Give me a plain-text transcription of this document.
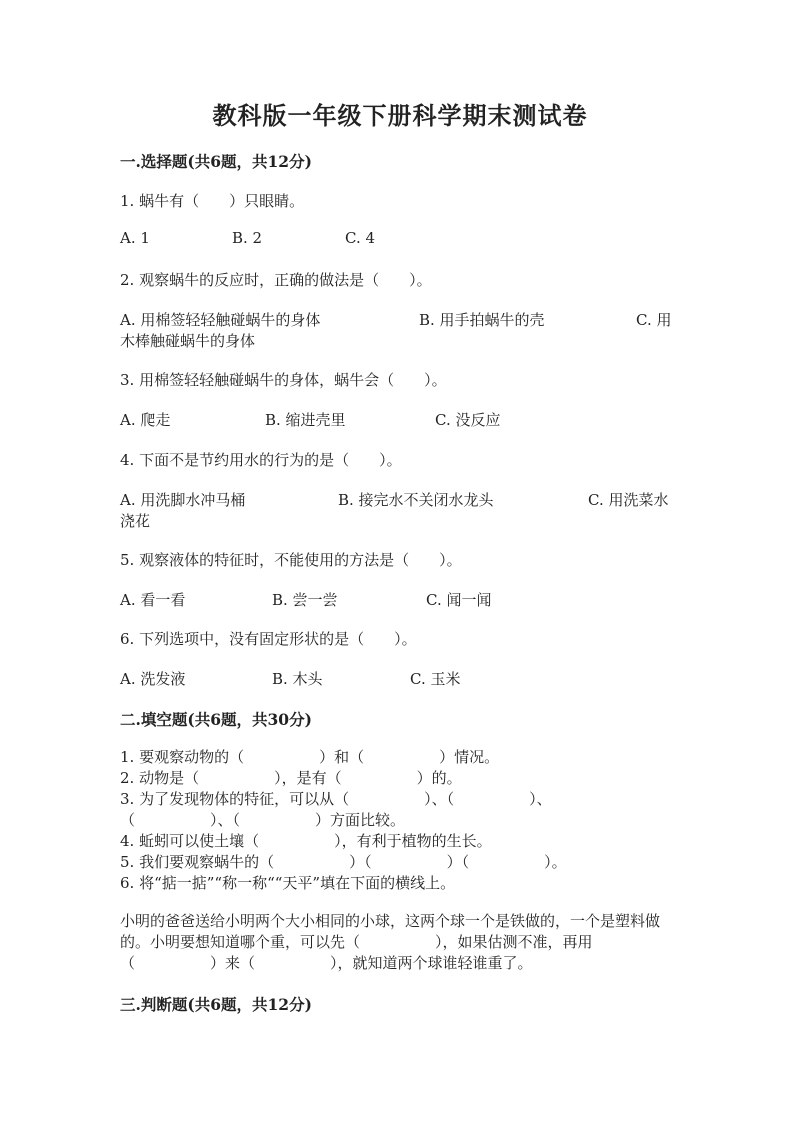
教科版一年级下册科学期末测试卷
一.选择题(共6题，共12分)
1. 蜗牛有（　　）只眼睛。
A. 1	B. 2	C. 4
2. 观察蜗牛的反应时，正确的做法是（　　）。
A. 用棉签轻轻触碰蜗牛的身体	B. 用手拍蜗牛的壳	C. 用
木棒触碰蜗牛的身体
3. 用棉签轻轻触碰蜗牛的身体，蜗牛会（　　）。
A. 爬走	B. 缩进壳里	C. 没反应
4. 下面不是节约用水的行为的是（　　）。
A. 用洗脚水冲马桶	B. 接完水不关闭水龙头	C. 用洗菜水
浇花
5. 观察液体的特征时，不能使用的方法是（　　）。
A. 看一看	B. 尝一尝	C. 闻一闻
6. 下列选项中，没有固定形状的是（　　）。
A. 洗发液	B. 木头	C. 玉米
二.填空题(共6题，共30分)
1. 要观察动物的（　　　　　）和（　　　　　）情况。
2. 动物是（　　　　　），是有（　　　　　）的。
3. 为了发现物体的特征，可以从（　　　　　）、（　　　　　）、
（　　　　　）、（　　　　　）方面比较。
4. 蚯蚓可以使土壤（　　　　　），有利于植物的生长。
5. 我们要观察蜗牛的（　　　　　）（　　　　　）（　　　　　）。
6. 将“掂一掂”“称一称““天平”填在下面的横线上。
小明的爸爸送给小明两个大小相同的小球，这两个球一个是铁做的，一个是塑料做的。小明要想知道哪个重，可以先（　　　　　），如果估测不准，再用（　　　　　）来（　　　　　），就知道两个球谁轻谁重了。
三.判断题(共6题，共12分)
